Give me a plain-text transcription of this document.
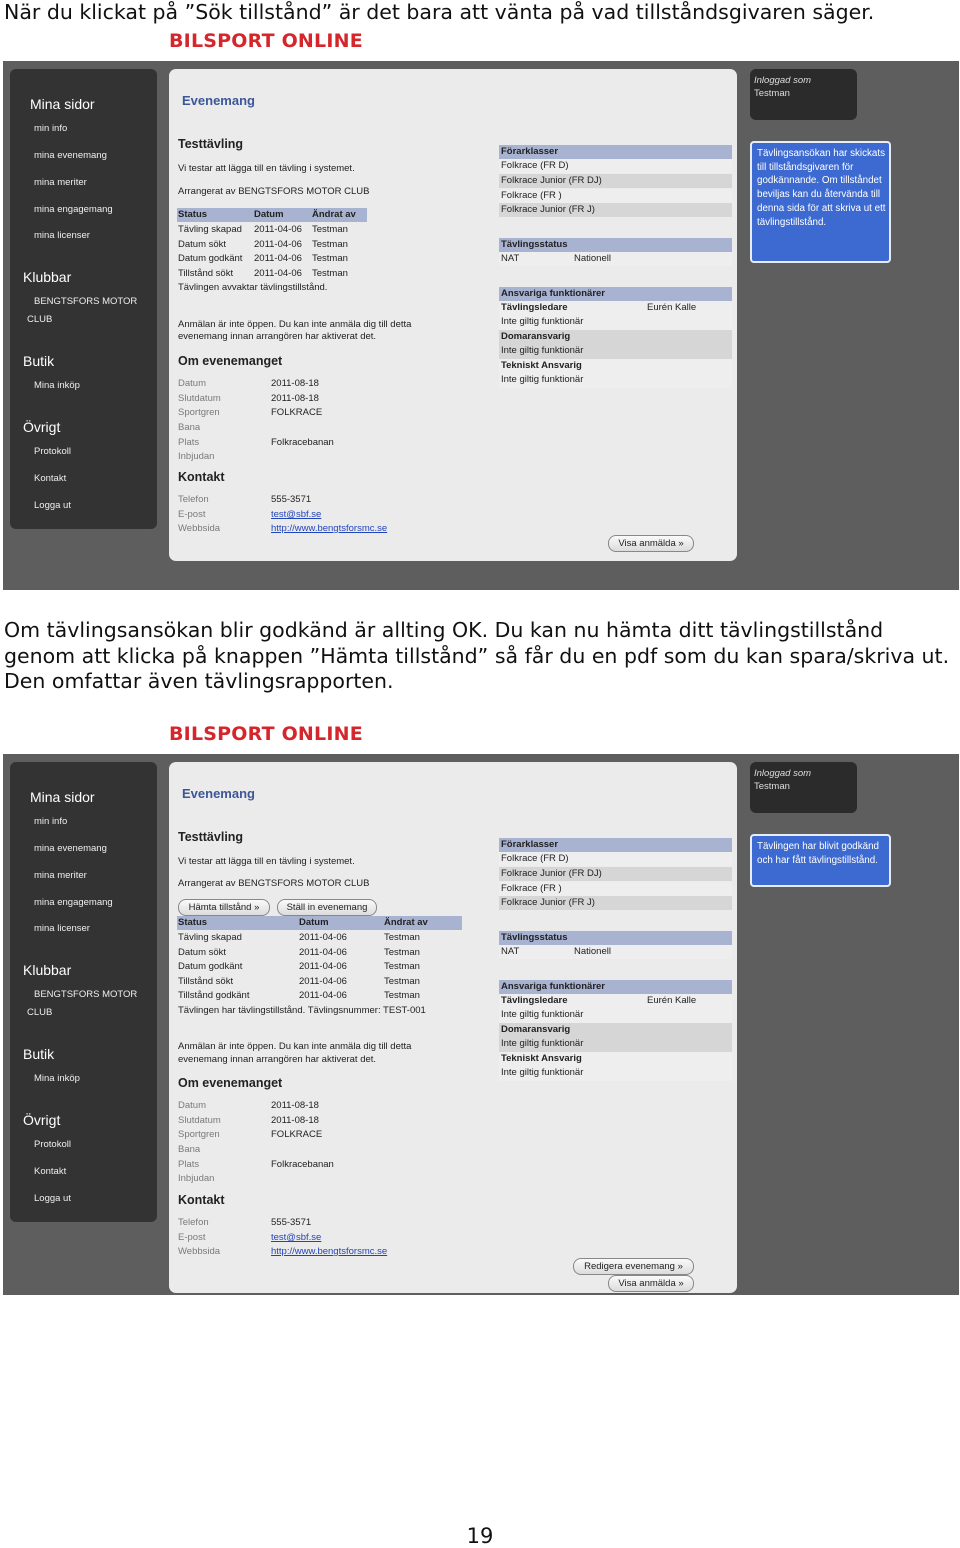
När du klickat på ”Sök tillstånd” är det bara att vänta på vad tillståndsgivaren säger.

BILSPORT ONLINE
Mina sidor
min info
mina evenemang
mina meriter
mina engagemang
mina licenser
Klubbar
BENGTSFORS MOTOR
CLUB
Butik
Mina inköp
Övrigt
Protokoll
Kontakt
Logga ut
Evenemang
Testtävling
Vi testar att lägga till en tävling i systemet.
Arrangerat av BENGTSFORS MOTOR CLUB
Status	Datum	Ändrat av
Tävling skapad 2011-04-06 Testman
Datum sökt	2011-04-06 Testman
Datum godkänt 2011-04-06 Testman
Tillstånd sökt 2011-04-06 Testman
Tävlingen avvaktar tävlingstillstånd.
Anmälan är inte öppen. Du kan inte anmäla dig till detta
evenemang innan arrangören har aktiverat det.
Om evenemanget
Datum	2011-08-18
Slutdatum	2011-08-18
Sportgren	FOLKRACE
Bana
Plats	Folkracebanan
Inbjudan
Kontakt
Telefon	555-3571
E-post	test@sbf.se
Webbsida	http://www.bengtsforsmc.se
Visa anmälda »
Förarklasser
Folkrace (FR D)
Folkrace Junior (FR DJ)
Folkrace (FR )
Folkrace Junior (FR J)
Tävlingsstatus
NAT	Nationell
Ansvariga funktionärer
Tävlingsledare	Eurén Kalle
Inte giltig funktionär
Domaransvarig
Inte giltig funktionär
Tekniskt Ansvarig
Inte giltig funktionär
Inloggad som
Testman
Tävlingsansökan har skickats till tillståndsgivaren för godkännande. Om tillståndet beviljas kan du återvända till denna sida för att skriva ut ett tävlingstillstånd.

Om tävlingsansökan blir godkänd är allting OK. Du kan nu hämta ditt tävlingstillstånd genom att klicka på knappen ”Hämta tillstånd” så får du en pdf som du kan spara/skriva ut. Den omfattar även tävlingsrapporten.

BILSPORT ONLINE
Mina sidor
min info
mina evenemang
mina meriter
mina engagemang
mina licenser
Klubbar
BENGTSFORS MOTOR
CLUB
Butik
Mina inköp
Övrigt
Protokoll
Kontakt
Logga ut
Evenemang
Testtävling
Vi testar att lägga till en tävling i systemet.
Arrangerat av BENGTSFORS MOTOR CLUB
Hämta tillstånd »	Ställ in evenemang
Status	Datum	Ändrat av
Tävling skapad	2011-04-06	Testman
Datum sökt	2011-04-06	Testman
Datum godkänt	2011-04-06	Testman
Tillstånd sökt	2011-04-06	Testman
Tillstånd godkänt	2011-04-06	Testman
Tävlingen har tävlingstillstånd. Tävlingsnummer: TEST-001
Anmälan är inte öppen. Du kan inte anmäla dig till detta
evenemang innan arrangören har aktiverat det.
Om evenemanget
Datum	2011-08-18
Slutdatum	2011-08-18
Sportgren	FOLKRACE
Bana
Plats	Folkracebanan
Inbjudan
Kontakt
Telefon	555-3571
E-post	test@sbf.se
Webbsida	http://www.bengtsforsmc.se
Redigera evenemang »
Visa anmälda »
Förarklasser
Folkrace (FR D)
Folkrace Junior (FR DJ)
Folkrace (FR )
Folkrace Junior (FR J)
Tävlingsstatus
NAT	Nationell
Ansvariga funktionärer
Tävlingsledare	Eurén Kalle
Inte giltig funktionär
Domaransvarig
Inte giltig funktionär
Tekniskt Ansvarig
Inte giltig funktionär
Inloggad som
Testman
Tävlingen har blivit godkänd och har fått tävlingstillstånd.
19
